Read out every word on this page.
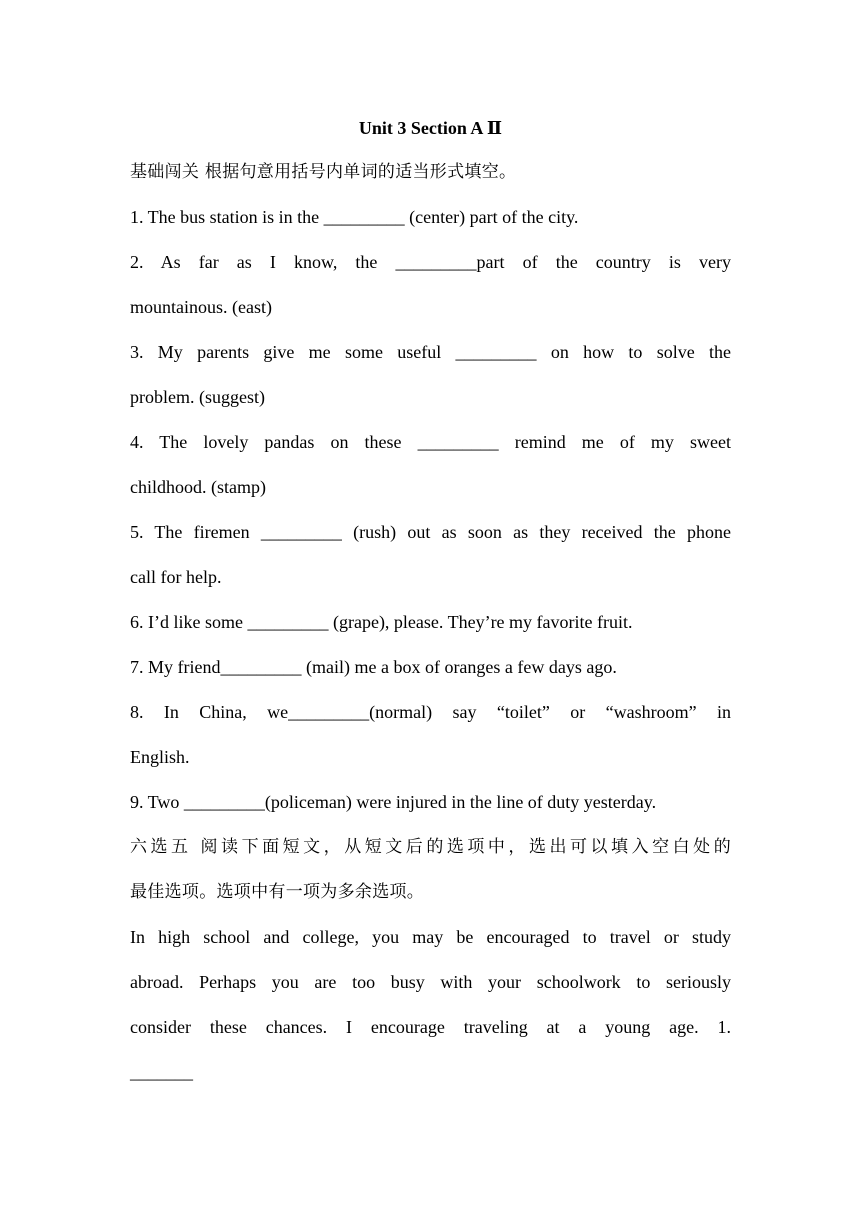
Unit 3 Section A Ⅱ
基础闯关 根据句意用括号内单词的适当形式填空。
1. The bus station is in the _________ (center) part of the city.
2. As far as I know, the _________part of the country is very
mountainous. (east)
3. My parents give me some useful _________ on how to solve the
problem. (suggest)
4. The lovely pandas on these _________ remind me of my sweet
childhood. (stamp)
5. The firemen _________ (rush) out as soon as they received the phone
call for help.
6. I’d like some _________ (grape), please. They’re my favorite fruit.
7. My friend_________ (mail) me a box of oranges a few days ago.
8. In China, we_________(normal) say “toilet” or “washroom” in
English.
9. Two _________(policeman) were injured in the line of duty yesterday.
六选五 阅读下面短文，从短文后的选项中，选出可以填入空白处的
最佳选项。选项中有一项为多余选项。
In high school and college, you may be encouraged to travel or study
abroad. Perhaps you are too busy with your schoolwork to seriously
consider these chances. I encourage traveling at a young age. 1.
_______
